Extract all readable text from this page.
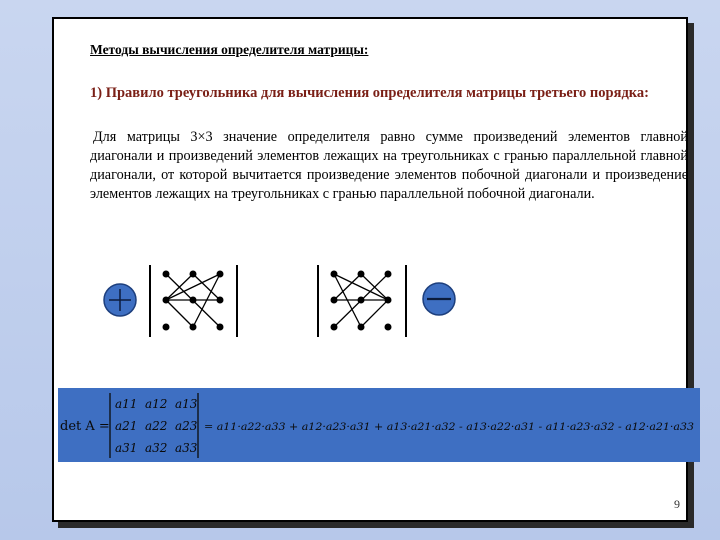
Методы вычисления определителя матрицы:
1) Правило треугольника для вычисления определителя матрицы третьего порядка:
Для матрицы 3×3 значение определителя равно сумме произведений элементов главной диагонали и произведений элементов лежащих на треугольниках с гранью параллельной главной диагонали, от которой вычитается произведение элементов побочной диагонали и произведение элементов лежащих на треугольниках с гранью параллельной побочной диагонали.
det A =
a11 a12 a13
a21 a22 a23
a31 a32 a33
= a11·a22·a33 + a12·a23·a31 + a13·a21·a32 - a13·a22·a31 - a11·a23·a32 - a12·a21·a33
9
